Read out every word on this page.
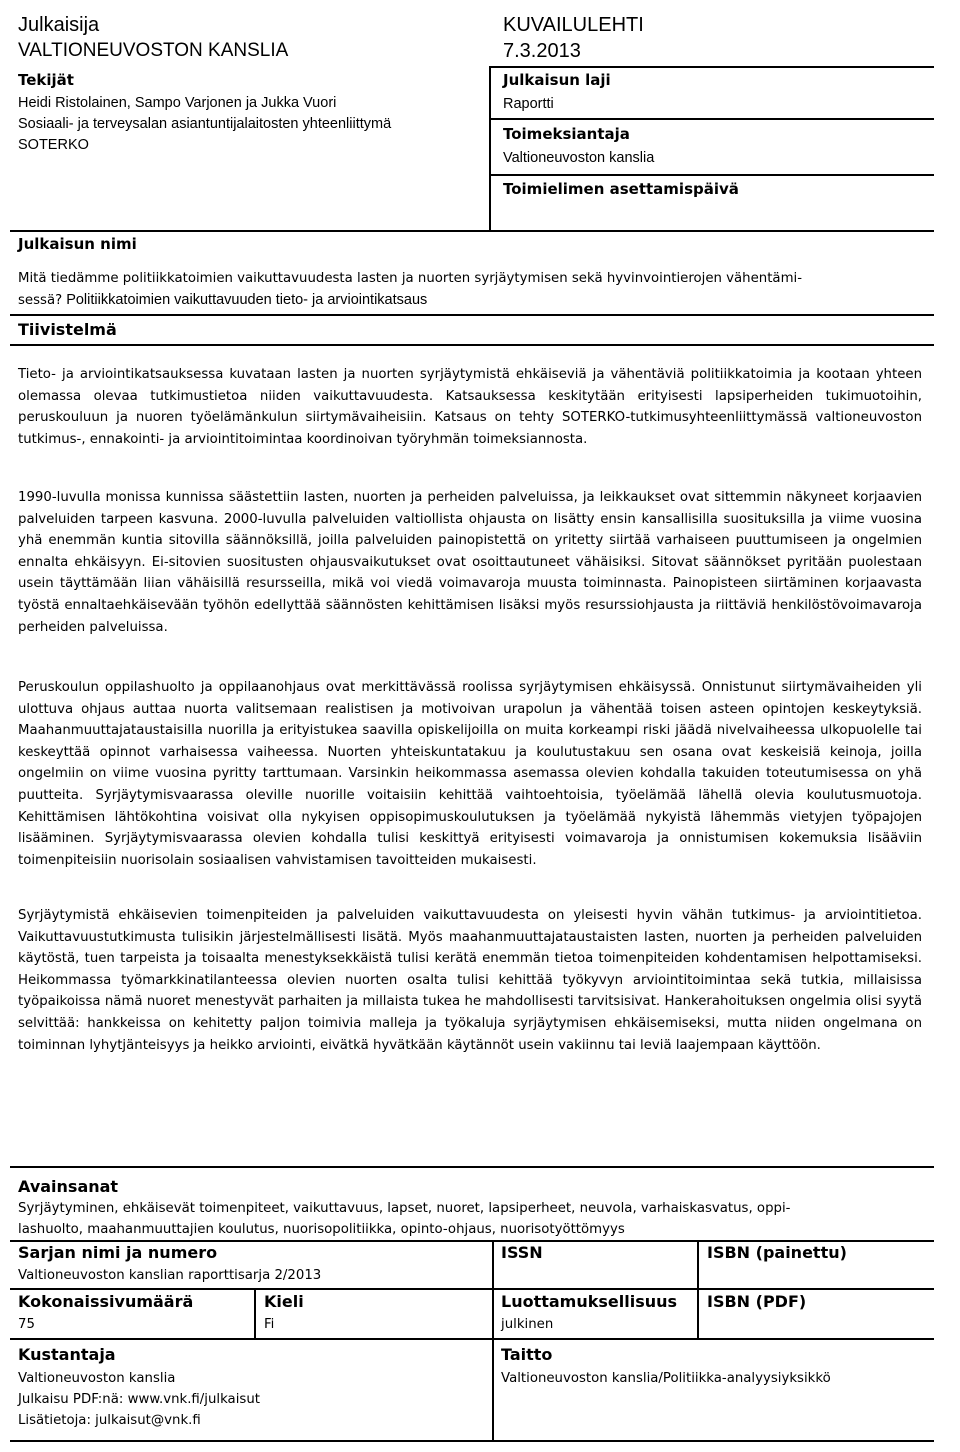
Julkaisija
VALTIONEUVOSTON KANSLIA
KUVAILULEHTI
7.3.2013
Tekijät
Heidi Ristolainen, Sampo Varjonen ja Jukka Vuori
Sosiaali- ja terveysalan asiantuntijalaitosten yhteenliittymä
SOTERKO
Julkaisun laji
Raportti
Toimeksiantaja
Valtioneuvoston kanslia
Toimielimen asettamispäivä
Julkaisun nimi
Mitä tiedämme politiikkatoimien vaikuttavuudesta lasten ja nuorten syrjäytymisen sekä hyvinvointierojen vähentämi-
sessä? Politiikkatoimien vaikuttavuuden tieto- ja arviointikatsaus
Tiivistelmä

Tieto- ja arviointikatsauksessa kuvataan lasten ja nuorten syrjäytymistä ehkäiseviä ja vähentäviä politiikkatoimia ja kootaan yhteen olemassa olevaa tutkimustietoa niiden vaikuttavuudesta. Katsauksessa keskitytään erityisesti lapsiperheiden tukimuotoihin, peruskouluun ja nuoren työelämänkulun siirtymävaiheisiin. Katsaus on tehty SOTERKO-tutkimusyhteenliittymässä valtioneuvoston tutkimus-, ennakointi- ja arviointitoimintaa koordinoivan työryhmän toimeksiannosta.

1990-luvulla monissa kunnissa säästettiin lasten, nuorten ja perheiden palveluissa, ja leikkaukset ovat sittemmin näkyneet korjaavien palveluiden tarpeen kasvuna. 2000-luvulla palveluiden valtiollista ohjausta on lisätty ensin kansallisilla suosituksilla ja viime vuosina yhä enemmän kuntia sitovilla säännöksillä, joilla palveluiden painopistettä on yritetty siirtää varhaiseen puuttumiseen ja ongelmien ennalta ehkäisyyn. Ei-sitovien suositusten ohjausvaikutukset ovat osoittautuneet vähäisiksi. Sitovat säännökset pyritään puolestaan usein täyttämään liian vähäisillä resursseilla, mikä voi viedä voimavaroja muusta toiminnasta. Painopisteen siirtäminen korjaavasta työstä ennaltaehkäisevään työhön edellyttää säännösten kehittämisen lisäksi myös resurssiohjausta ja riittäviä henkilöstövoimavaroja perheiden palveluissa.

Peruskoulun oppilashuolto ja oppilaanohjaus ovat merkittävässä roolissa syrjäytymisen ehkäisyssä. Onnistunut siirtymävaiheiden yli ulottuva ohjaus auttaa nuorta valitsemaan realistisen ja motivoivan urapolun ja vähentää toisen asteen opintojen keskeytyksiä. Maahanmuuttajataustaisilla nuorilla ja erityistukea saavilla opiskelijoilla on muita korkeampi riski jäädä nivelvaiheessa ulkopuolelle tai keskeyttää opinnot varhaisessa vaiheessa. Nuorten yhteiskuntatakuu ja koulutustakuu sen osana ovat keskeisiä keinoja, joilla ongelmiin on viime vuosina pyritty tarttumaan. Varsinkin heikommassa asemassa olevien kohdalla takuiden toteutumisessa on yhä puutteita. Syrjäytymisvaarassa oleville nuorille voitaisiin kehittää vaihtoehtoisia, työelämää lähellä olevia koulutusmuotoja. Kehittämisen lähtökohtina voisivat olla nykyisen oppisopimuskoulutuksen ja työelämää nykyistä lähemmäs vietyjen työpajojen lisääminen. Syrjäytymisvaarassa olevien kohdalla tulisi keskittyä erityisesti voimavaroja ja onnistumisen kokemuksia lisääviin toimenpiteisiin nuorisolain sosiaalisen vahvistamisen tavoitteiden mukaisesti.

Syrjäytymistä ehkäisevien toimenpiteiden ja palveluiden vaikuttavuudesta on yleisesti hyvin vähän tutkimus- ja arviointitietoa. Vaikuttavuustutkimusta tulisikin järjestelmällisesti lisätä. Myös maahanmuuttajataustaisten lasten, nuorten ja perheiden palveluiden käytöstä, tuen tarpeista ja toisaalta menestyksekkäistä tulisi kerätä enemmän tietoa toimenpiteiden kohdentamisen helpottamiseksi. Heikommassa työmarkkinatilanteessa olevien nuorten osalta tulisi kehittää työkyvyn arviointitoimintaa sekä tutkia, millaisissa työpaikoissa nämä nuoret menestyvät parhaiten ja millaista tukea he mahdollisesti tarvitsisivat. Hankerahoituksen ongelmia olisi syytä selvittää: hankkeissa on kehitetty paljon toimivia malleja ja työkaluja syrjäytymisen ehkäisemiseksi, mutta niiden ongelmana on toiminnan lyhytjänteisyys ja heikko arviointi, eivätkä hyvätkään käytännöt usein vakiinnu tai leviä laajempaan käyttöön.

Avainsanat
Syrjäytyminen, ehkäisevät toimenpiteet, vaikuttavuus, lapset, nuoret, lapsiperheet, neuvola, varhaiskasvatus, oppi-
lashuolto, maahanmuuttajien koulutus, nuorisopolitiikka, opinto-ohjaus, nuorisotyöttömyys
Sarjan nimi ja numero
Valtioneuvoston kanslian raporttisarja 2/2013
ISSN	ISBN (painettu)
Kokonaissivumäärä
75
Kieli
Fi
Luottamuksellisuus
julkinen
ISBN (PDF)
Kustantaja
Valtioneuvoston kanslia
Julkaisu PDF:nä: www.vnk.fi/julkaisut
Lisätietoja: julkaisut@vnk.fi
Taitto
Valtioneuvoston kanslia/Politiikka-analyysiyksikkö
